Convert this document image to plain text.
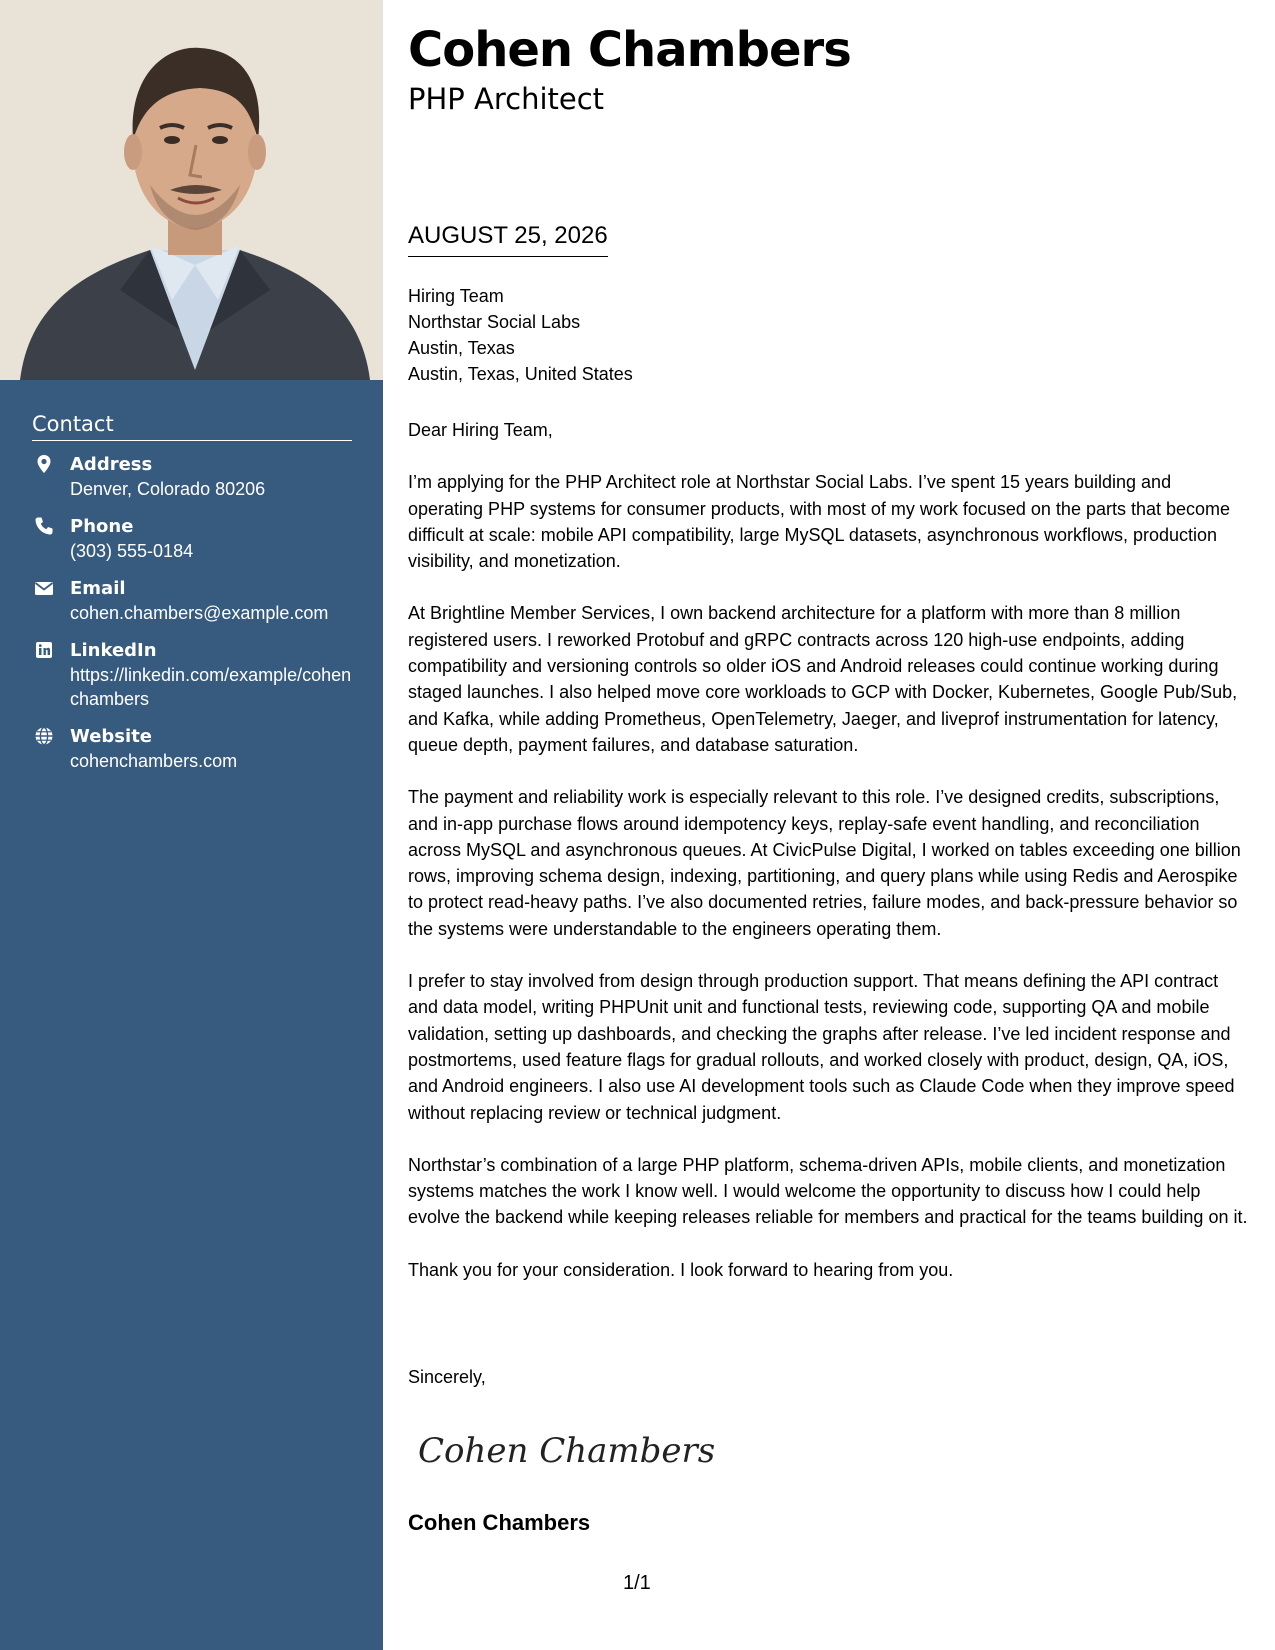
Contact
Address
Denver, Colorado 80206
Phone
(303) 555-0184
Email
cohen.chambers@example.com
LinkedIn
https://linkedin.com/example/cohenchambers
Website
cohenchambers.com
Cohen Chambers
PHP Architect
AUGUST 25, 2026
Hiring Team
Northstar Social Labs
Austin, Texas
Austin, Texas, United States

Dear Hiring Team,

I’m applying for the PHP Architect role at Northstar Social Labs. I’ve spent 15 years building and operating PHP systems for consumer products, with most of my work focused on the parts that become difficult at scale: mobile API compatibility, large MySQL datasets, asynchronous workflows, production visibility, and monetization.

At Brightline Member Services, I own backend architecture for a platform with more than 8 million registered users. I reworked Protobuf and gRPC contracts across 120 high-use endpoints, adding compatibility and versioning controls so older iOS and Android releases could continue working during staged launches. I also helped move core workloads to GCP with Docker, Kubernetes, Google Pub/Sub, and Kafka, while adding Prometheus, OpenTelemetry, Jaeger, and liveprof instrumentation for latency, queue depth, payment failures, and database saturation.

The payment and reliability work is especially relevant to this role. I’ve designed credits, subscriptions, and in-app purchase flows around idempotency keys, replay-safe event handling, and reconciliation across MySQL and asynchronous queues. At CivicPulse Digital, I worked on tables exceeding one billion rows, improving schema design, indexing, partitioning, and query plans while using Redis and Aerospike to protect read-heavy paths. I’ve also documented retries, failure modes, and back-pressure behavior so the systems were understandable to the engineers operating them.

I prefer to stay involved from design through production support. That means defining the API contract and data model, writing PHPUnit unit and functional tests, reviewing code, supporting QA and mobile validation, setting up dashboards, and checking the graphs after release. I’ve led incident response and postmortems, used feature flags for gradual rollouts, and worked closely with product, design, QA, iOS, and Android engineers. I also use AI development tools such as Claude Code when they improve speed without replacing review or technical judgment.

Northstar’s combination of a large PHP platform, schema-driven APIs, mobile clients, and monetization systems matches the work I know well. I would welcome the opportunity to discuss how I could help evolve the backend while keeping releases reliable for members and practical for the teams building on it.

Thank you for your consideration. I look forward to hearing from you.

Sincerely,
Cohen Chambers
Cohen Chambers
1/1
